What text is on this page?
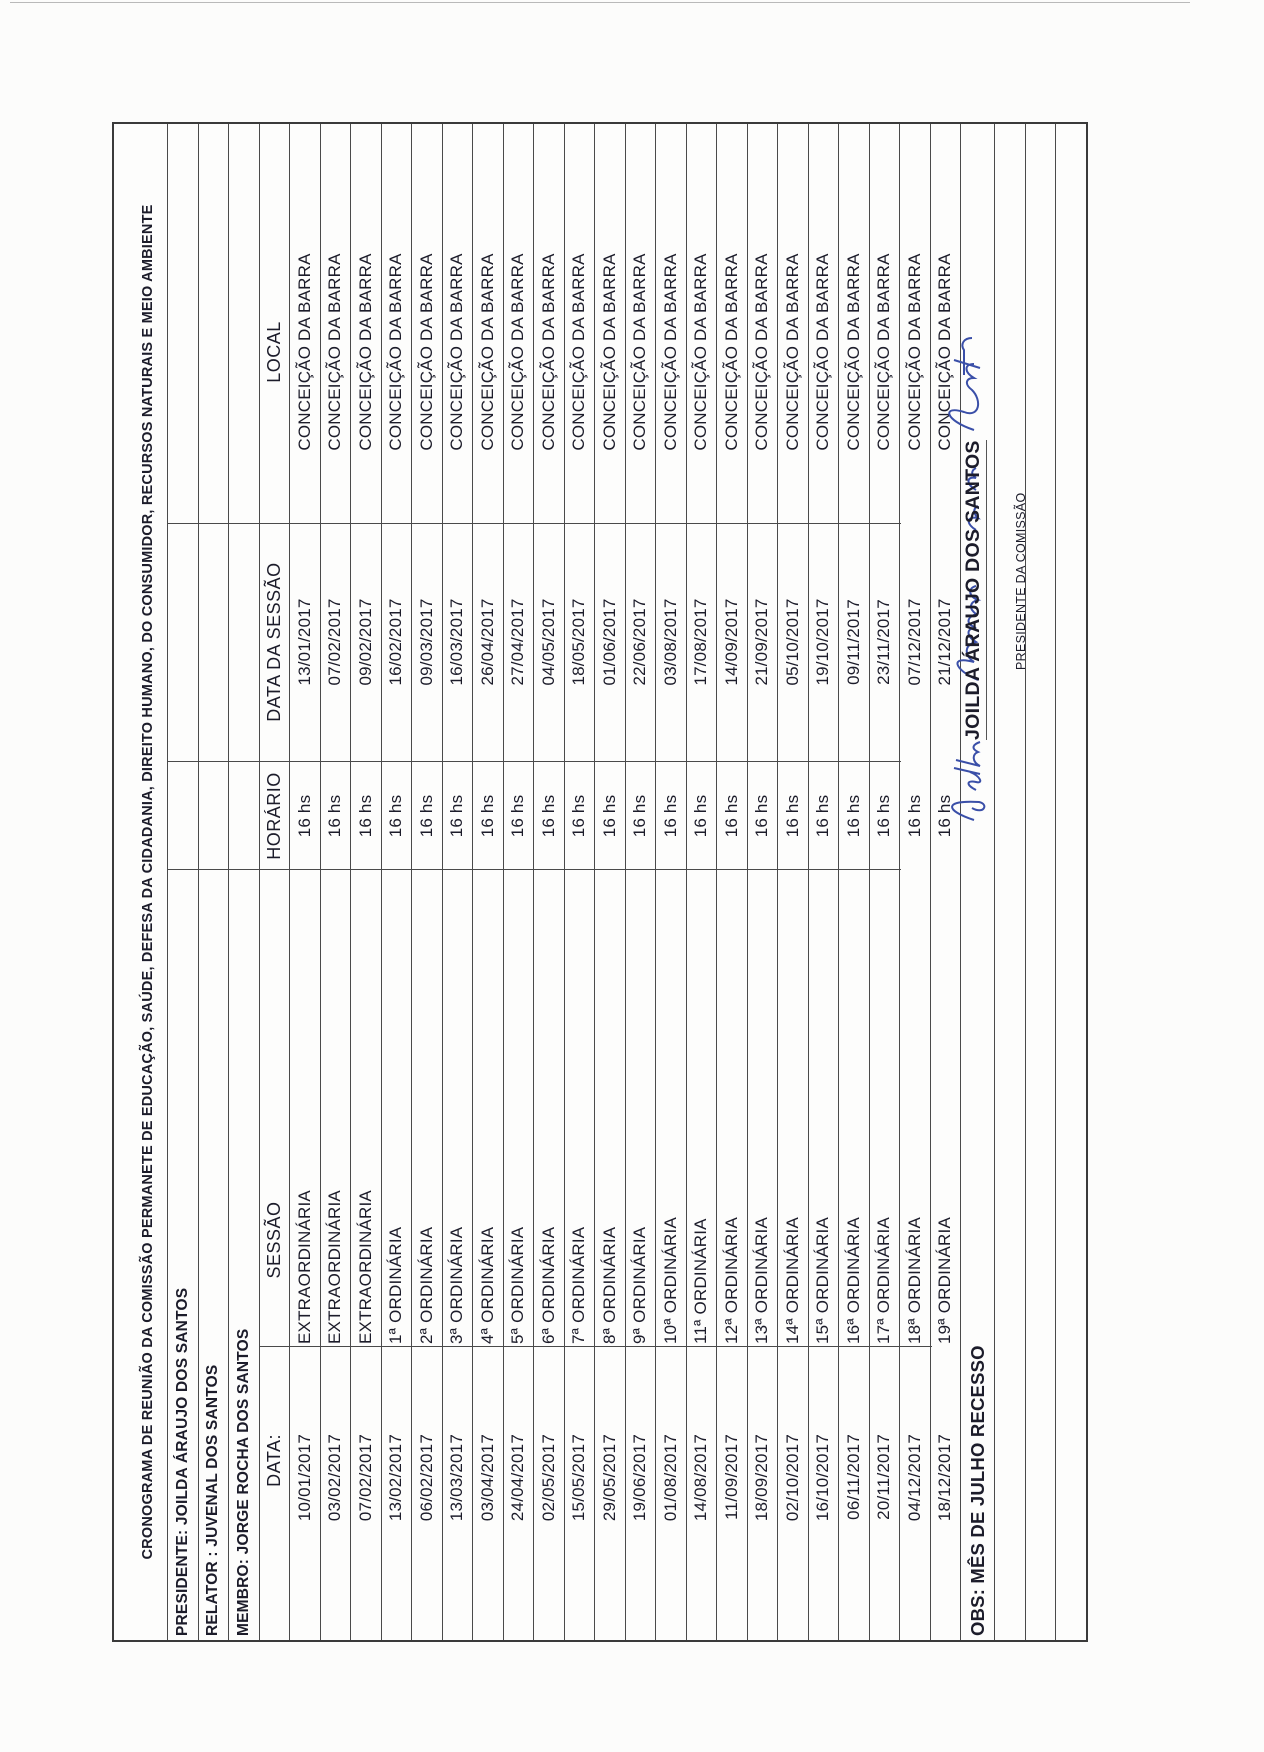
CRONOGRAMA DE REUNIÃO DA COMISSÃO PERMANETE DE EDUCAÇÃO, SAÚDE, DEFESA DA CIDADANIA, DIREITO HUMANO, DO CONSUMIDOR, RECURSOS NATURAIS E MEIO AMBIENTE	PRESIDENTE: JOILDA ÁRAUJO DOS SANTOS RELATOR : JUVENAL DOS SANTOS MEMBRO: JORGE ROCHA DOS SANTOS DATA:
SESSÃO
HORÁRIO
DATA DA SESSÃO
LOCAL
10/01/2017
EXTRAORDINÁRIA
16 hs
13/01/2017
CONCEIÇÃO DA BARRA
03/02/2017
EXTRAORDINÁRIA
16 hs
07/02/2017
CONCEIÇÃO DA BARRA
07/02/2017
EXTRAORDINÁRIA
16 hs
09/02/2017
CONCEIÇÃO DA BARRA
13/02/2017
1ª ORDINÁRIA
16 hs
16/02/2017
CONCEIÇÃO DA BARRA
06/02/2017
2ª ORDINÁRIA
16 hs
09/03/2017
CONCEIÇÃO DA BARRA
13/03/2017
3ª ORDINÁRIA
16 hs
16/03/2017
CONCEIÇÃO DA BARRA
03/04/2017
4ª ORDINÁRIA
16 hs
26/04/2017
CONCEIÇÃO DA BARRA
24/04/2017
5ª ORDINÁRIA
16 hs
27/04/2017
CONCEIÇÃO DA BARRA
02/05/2017
6ª ORDINÁRIA
16 hs
04/05/2017
CONCEIÇÃO DA BARRA
15/05/2017
7ª ORDINÁRIA
16 hs
18/05/2017
CONCEIÇÃO DA BARRA
29/05/2017
8ª ORDINÁRIA
16 hs
01/06/2017
CONCEIÇÃO DA BARRA
19/06/2017
9ª ORDINÁRIA
16 hs
22/06/2017
CONCEIÇÃO DA BARRA
01/08/2017
10ª ORDINÁRIA
16 hs
03/08/2017
CONCEIÇÃO DA BARRA
14/08/2017
11ª ORDINÁRIA
16 hs
17/08/2017
CONCEIÇÃO DA BARRA
11/09/2017
12ª ORDINÁRIA
16 hs
14/09/2017
CONCEIÇÃO DA BARRA
18/09/2017
13ª ORDINÁRIA
16 hs
21/09/2017
CONCEIÇÃO DA BARRA
02/10/2017
14ª ORDINÁRIA
16 hs
05/10/2017
CONCEIÇÃO DA BARRA
16/10/2017
15ª ORDINÁRIA
16 hs
19/10/2017
CONCEIÇÃO DA BARRA
06/11/2017
16ª ORDINÁRIA
16 hs
09/11/2017
CONCEIÇÃO DA BARRA
20/11/2017
17ª ORDINÁRIA
16 hs
23/11/2017
CONCEIÇÃO DA BARRA
04/12/2017
18ª ORDINÁRIA
16 hs
07/12/2017
CONCEIÇÃO DA BARRA
18/12/2017
19ª ORDINÁRIA
16 hs
21/12/2017
CONCEIÇÃO DA BARRA
OBS: MÊS DE JULHO RECESSO
JOILDA ÁRAUJO DOS SANTOS PRESIDENTE DA COMISSÃO
